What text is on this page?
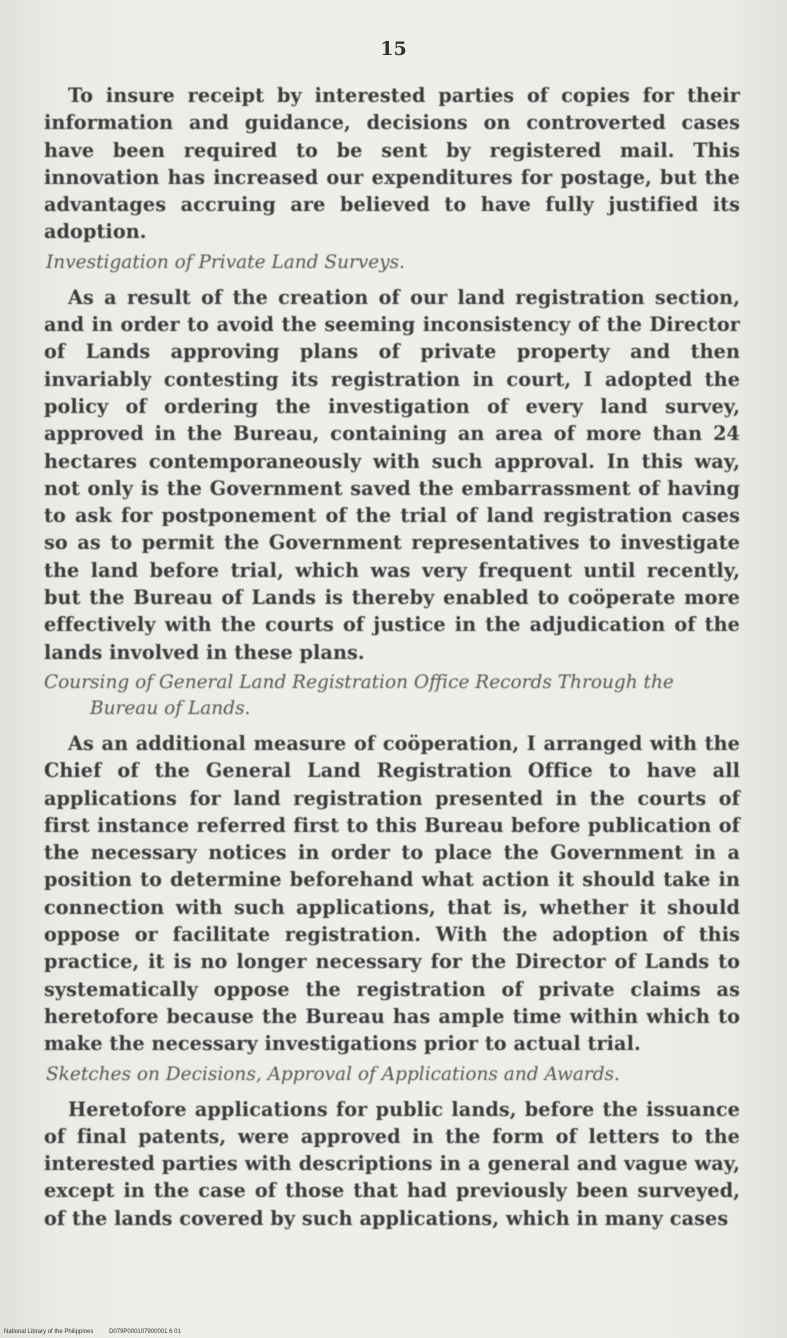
15

To insure receipt by interested parties of copies for their information and guidance, decisions on controverted cases have been required to be sent by registered mail. This innovation has increased our expenditures for postage, but the advantages accruing are believed to have fully justified its adoption.

Investigation of Private Land Surveys.

As a result of the creation of our land registration section, and in order to avoid the seeming inconsistency of the Director of Lands approving plans of private property and then invariably contesting its registration in court, I adopted the policy of ordering the investigation of every land survey, approved in the Bureau, containing an area of more than 24 hectares contemporaneously with such approval. In this way, not only is the Government saved the embarrassment of having to ask for postponement of the trial of land registration cases so as to permit the Government representatives to investigate the land before trial, which was very frequent until recently, but the Bureau of Lands is thereby enabled to coöperate more effectively with the courts of justice in the adjudication of the lands involved in these plans.

Coursing of General Land Registration Office Records Through the Bureau of Lands.

As an additional measure of coöperation, I arranged with the Chief of the General Land Registration Office to have all applications for land registration presented in the courts of first instance referred first to this Bureau before publication of the necessary notices in order to place the Government in a position to determine beforehand what action it should take in connection with such applications, that is, whether it should oppose or facilitate registration. With the adoption of this practice, it is no longer necessary for the Director of Lands to systematically oppose the registration of private claims as heretofore because the Bureau has ample time within which to make the necessary investigations prior to actual trial.

Sketches on Decisions, Approval of Applications and Awards.

Heretofore applications for public lands, before the issuance of final patents, were approved in the form of letters to the interested parties with descriptions in a general and vague way, except in the case of those that had previously been surveyed, of the lands covered by such applications, which in many cases

National Library of the Philippines	D079P000107900001 6 01
